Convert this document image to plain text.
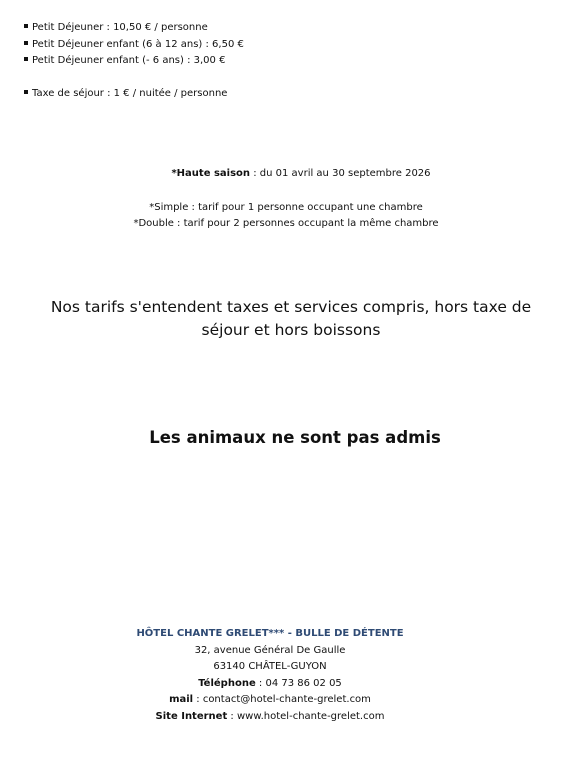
Petit Déjeuner : 10,50 € / personne
Petit Déjeuner enfant (6 à 12 ans) : 6,50 €
Petit Déjeuner enfant (- 6 ans) : 3,00 €
Taxe de séjour : 1 € / nuitée / personne
*Haute saison : du 01 avril au 30 septembre 2026
*Simple : tarif pour 1 personne occupant une chambre
*Double : tarif pour 2 personnes occupant la même chambre
Nos tarifs s'entendent taxes et services compris, hors taxe de séjour et hors boissons
Les animaux ne sont pas admis
HÔTEL CHANTE GRELET*** - BULLE DE DÉTENTE
32, avenue Général De Gaulle
63140 CHÂTEL-GUYON
Téléphone : 04 73 86 02 05
mail : contact@hotel-chante-grelet.com
Site Internet : www.hotel-chante-grelet.com
